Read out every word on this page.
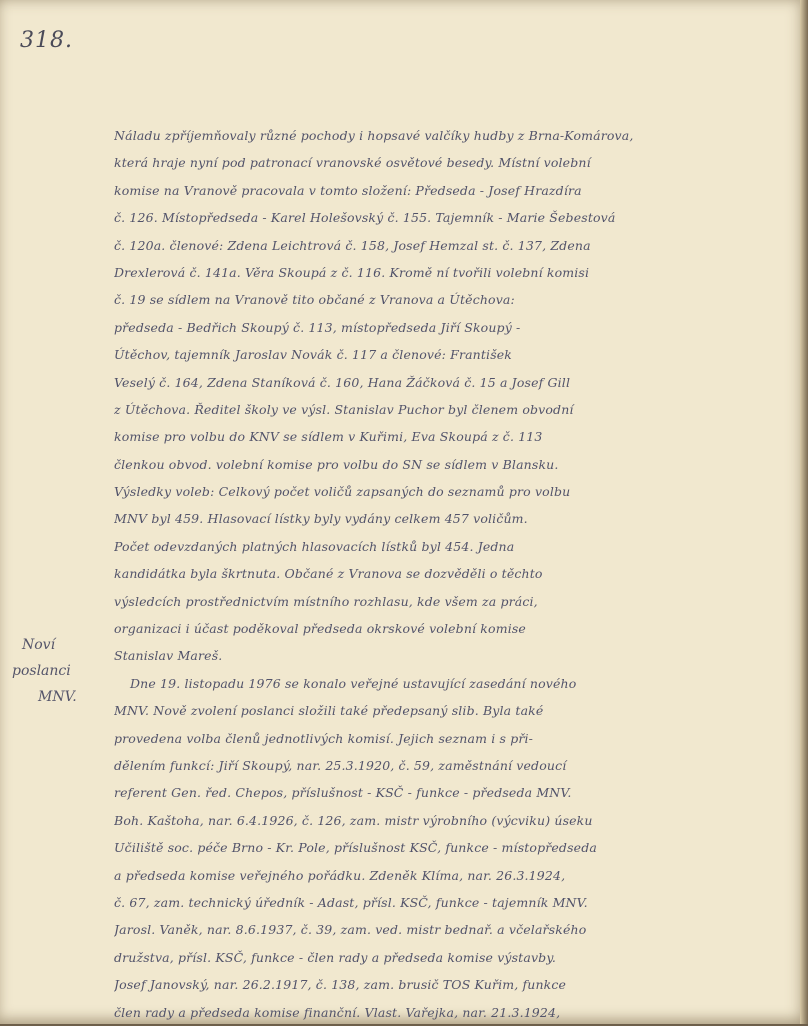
318.
Noví
poslanci
MNV.
Náladu zpříjemňovaly různé pochody i hopsavé valčíky hudby z Brna-Komárova,
která hraje nyní pod patronací vranovské osvětové besedy. Místní volební
komise na Vranově pracovala v tomto složení: Předseda - Josef Hrazdíra
č. 126. Místopředseda - Karel Holešovský č. 155. Tajemník - Marie Šebestová
č. 120a. členové: Zdena Leichtrová č. 158, Josef Hemzal st. č. 137, Zdena
Drexlerová č. 141a. Věra Skoupá z č. 116. Kromě ní tvořili volební komisi
č. 19 se sídlem na Vranově tito občané z Vranova a Útěchova:
předseda - Bedřich Skoupý č. 113, místopředseda Jiří Skoupý -
Útěchov, tajemník Jaroslav Novák č. 117 a členové: František
Veselý č. 164, Zdena Staníková č. 160, Hana Žáčková č. 15 a Josef Gill
z Útěchova. Ředitel školy ve výsl. Stanislav Puchor byl členem obvodní
komise pro volbu do KNV se sídlem v Kuřimi, Eva Skoupá z č. 113
členkou obvod. volební komise pro volbu do SN se sídlem v Blansku.
Výsledky voleb: Celkový počet voličů zapsaných do seznamů pro volbu
MNV byl 459. Hlasovací lístky byly vydány celkem 457 voličům.
Počet odevzdaných platných hlasovacích lístků byl 454. Jedna
kandidátka byla škrtnuta. Občané z Vranova se dozvěděli o těchto
výsledcích prostřednictvím místního rozhlasu, kde všem za práci,
organizaci i účast poděkoval předseda okrskové volební komise
Stanislav Mareš.
Dne 19. listopadu 1976 se konalo veřejné ustavující zasedání nového
MNV. Nově zvolení poslanci složili také předepsaný slib. Byla také
provedena volba členů jednotlivých komisí. Jejich seznam i s při-
dělením funkcí: Jiří Skoupý, nar. 25.3.1920, č. 59, zaměstnání vedoucí
referent Gen. řed. Chepos, příslušnost - KSČ - funkce - předseda MNV.
Boh. Kaštoha, nar. 6.4.1926, č. 126, zam. mistr výrobního (výcviku) úseku
Učiliště soc. péče Brno - Kr. Pole, příslušnost KSČ, funkce - místopředseda
a předseda komise veřejného pořádku. Zdeněk Klíma, nar. 26.3.1924,
č. 67, zam. technický úředník - Adast, přísl. KSČ, funkce - tajemník MNV.
Jarosl. Vaněk, nar. 8.6.1937, č. 39, zam. ved. mistr bednař. a včelařského
družstva, přísl. KSČ, funkce - člen rady a předseda komise výstavby.
Josef Janovský, nar. 26.2.1917, č. 138, zam. brusič TOS Kuřim, funkce
člen rady a předseda komise finanční. Vlast. Vařejka, nar. 21.3.1924,
